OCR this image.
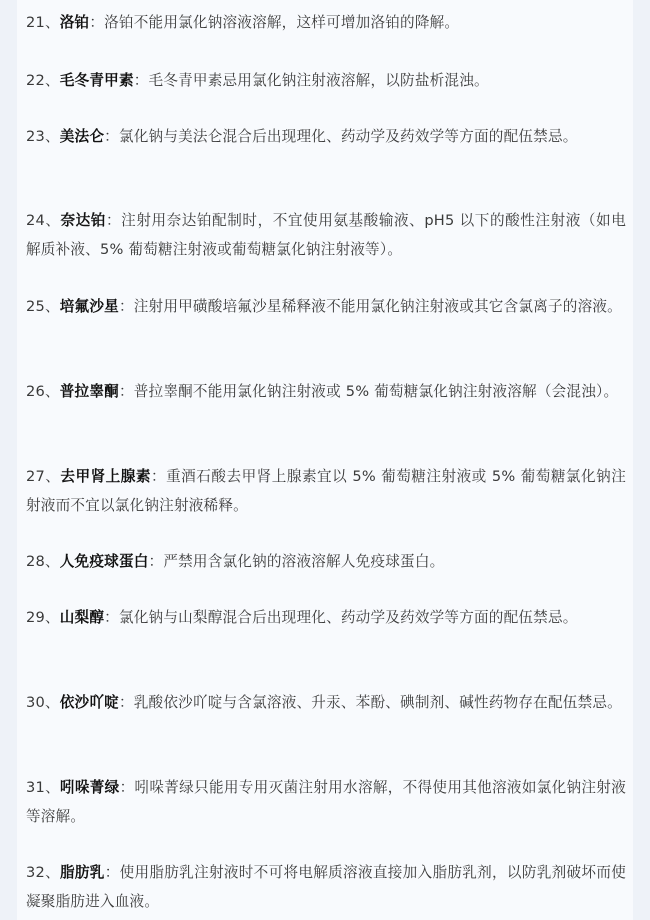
21、洛铂：洛铂不能用氯化钠溶液溶解，这样可增加洛铂的降解。

22、毛冬青甲素：毛冬青甲素忌用氯化钠注射液溶解，以防盐析混浊。

23、美法仑：氯化钠与美法仑混合后出现理化、药动学及药效学等方面的配伍禁忌。

24、奈达铂：注射用奈达铂配制时，不宜使用氨基酸输液、pH5 以下的酸性注射液（如电解质补液、5% 葡萄糖注射液或葡萄糖氯化钠注射液等）。

25、培氟沙星：注射用甲磺酸培氟沙星稀释液不能用氯化钠注射液或其它含氯离子的溶液。

26、普拉睾酮：普拉睾酮不能用氯化钠注射液或 5% 葡萄糖氯化钠注射液溶解（会混浊）。

27、去甲肾上腺素：重酒石酸去甲肾上腺素宜以 5% 葡萄糖注射液或 5% 葡萄糖氯化钠注射液而不宜以氯化钠注射液稀释。

28、人免疫球蛋白：严禁用含氯化钠的溶液溶解人免疫球蛋白。

29、山梨醇：氯化钠与山梨醇混合后出现理化、药动学及药效学等方面的配伍禁忌。

30、依沙吖啶：乳酸依沙吖啶与含氯溶液、升汞、苯酚、碘制剂、碱性药物存在配伍禁忌。

31、吲哚菁绿：吲哚菁绿只能用专用灭菌注射用水溶解，不得使用其他溶液如氯化钠注射液等溶解。

32、脂肪乳：使用脂肪乳注射液时不可将电解质溶液直接加入脂肪乳剂，以防乳剂破坏而使凝聚脂肪进入血液。
